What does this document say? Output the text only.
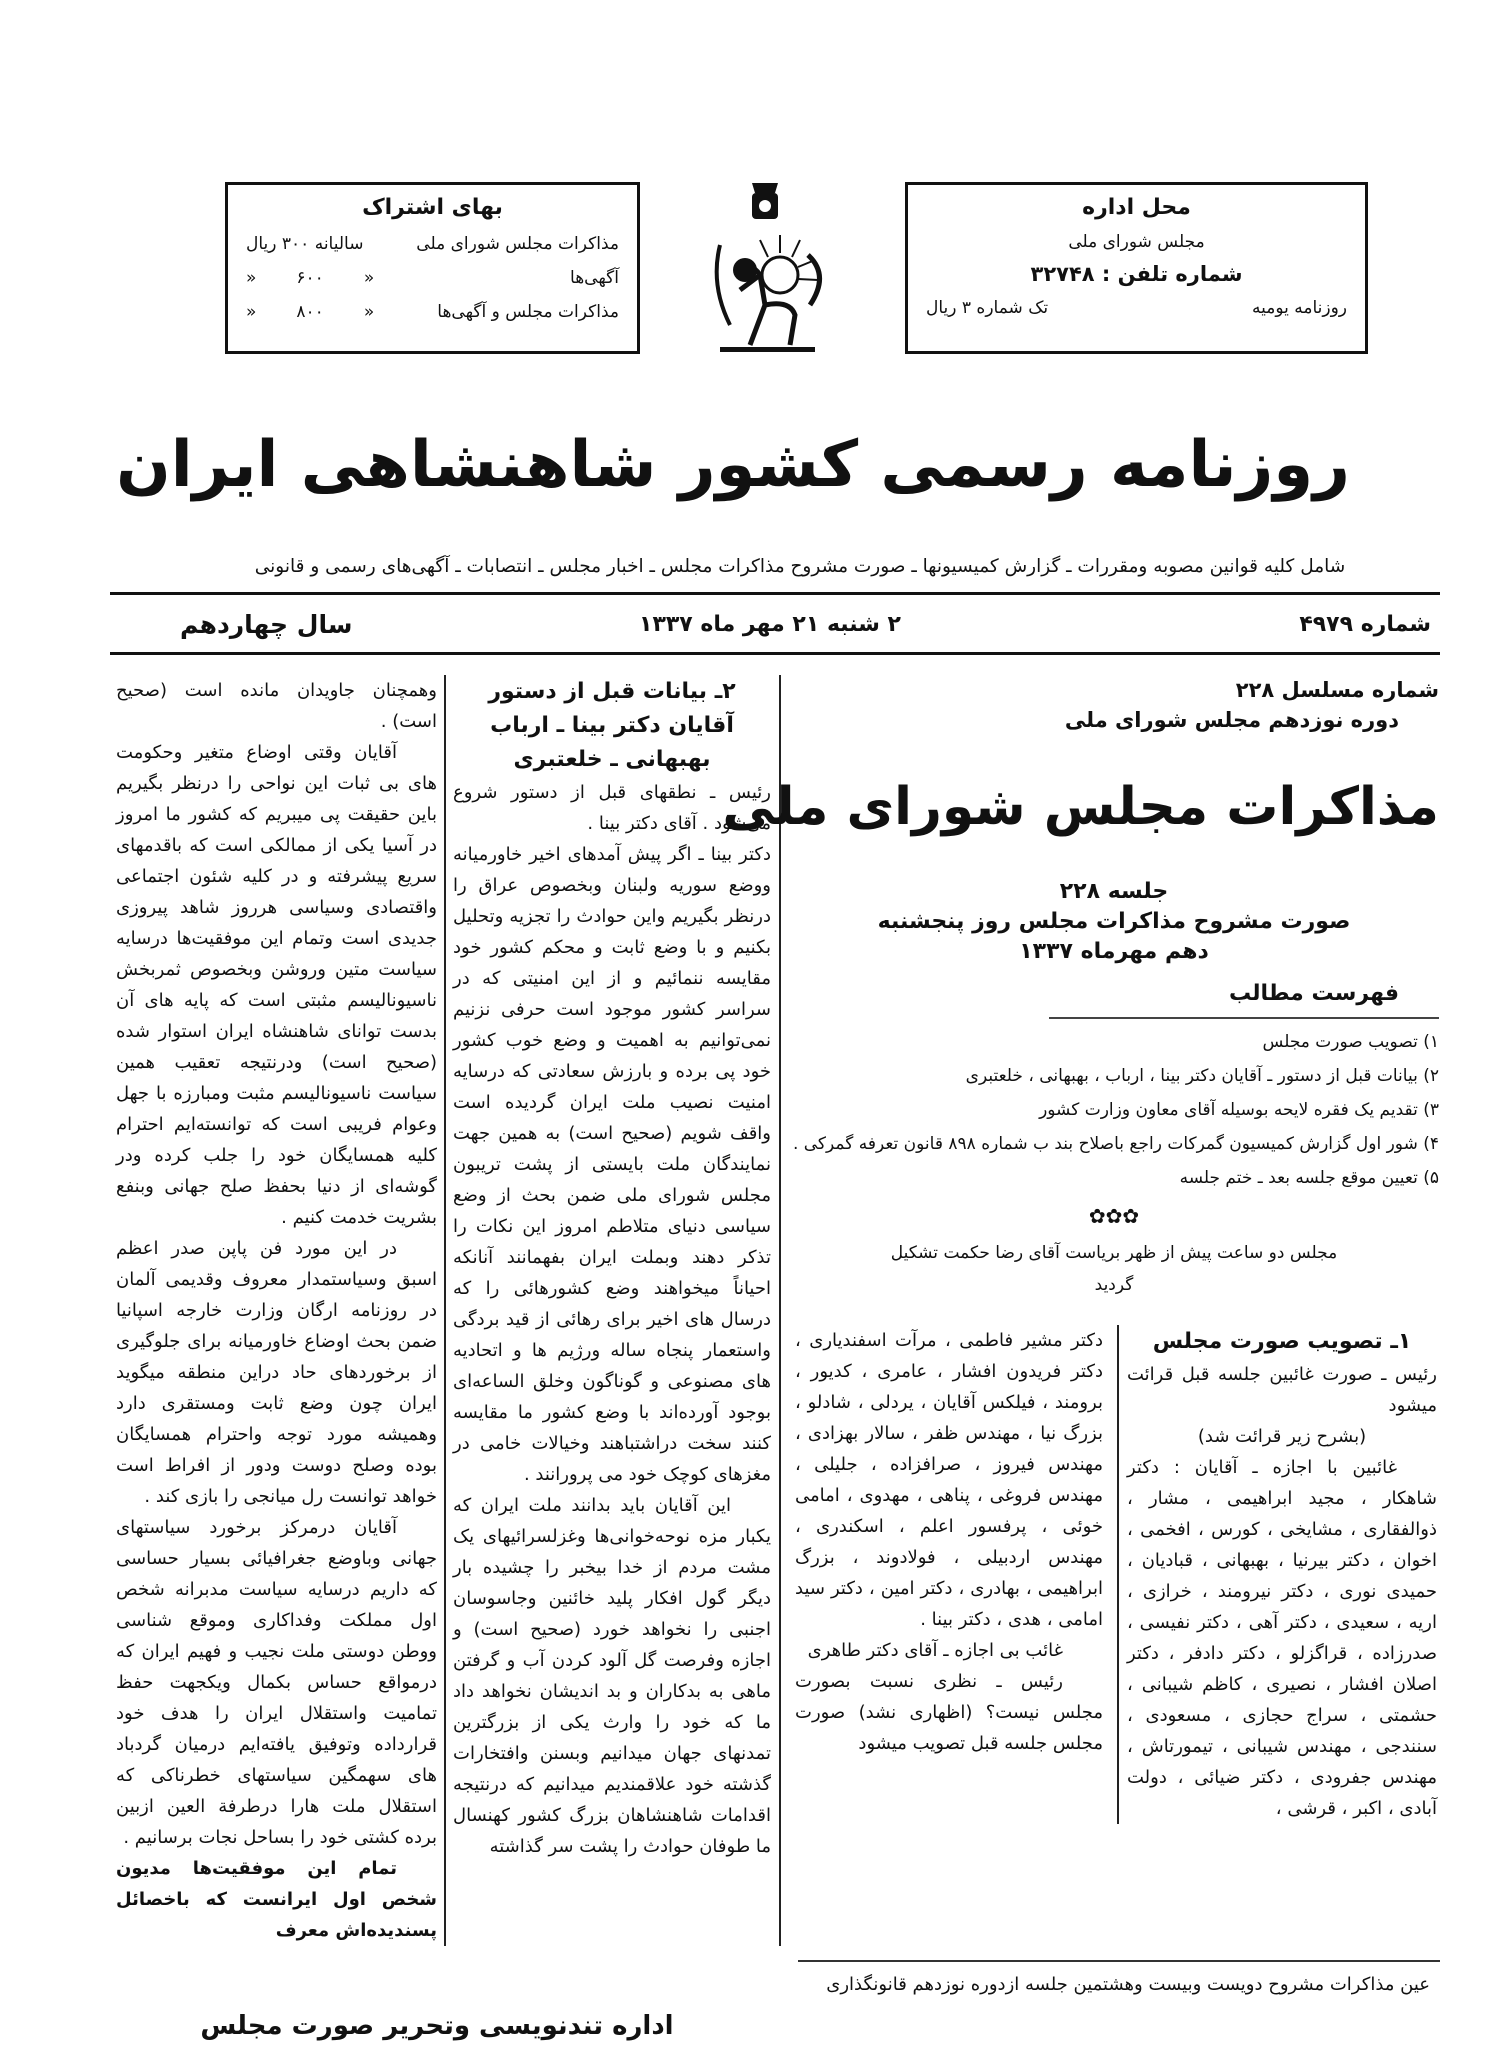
بهای اشتراک
مذاکرات مجلس شورای ملی
سالیانه ۳۰۰ ریال
آگهی‌ها
«
۶۰۰
«
مذاکرات مجلس و آگهی‌ها
«
۸۰۰
«
محل اداره
مجلس شورای ملی
شماره تلفن : ۳۲۷۴۸
روزنامه یومیه
تک شماره ۳ ریال
روزنامه رسمی کشور شاهنشاهی ایران
شامل کلیه قوانین مصوبه ومقررات ـ گزارش کمیسیونها ـ صورت مشروح مذاکرات مجلس ـ اخبار مجلس ـ انتصابات ـ آگهی‌های رسمی و قانونی
شماره ۴۹۷۹
۲ شنبه ۲۱ مهر ماه ۱۳۳۷
سال چهاردهم

وهمچنان جاویدان مانده است (صحیح است) .

آقایان وقتی اوضاع متغیر وحکومت های بی ثبات این نواحی را درنظر بگیریم باین حقیقت پی میبریم که کشور ما امروز در آسیا یکی از ممالکی است که باقدمهای سریع پیشرفته و در کلیه شئون اجتماعی واقتصادی وسیاسی هرروز شاهد پیروزی جدیدی است وتمام این موفقیت‌ها درسایه سیاست متین وروشن وبخصوص ثمربخش ناسیونالیسم مثبتی است که پایه های آن بدست توانای شاهنشاه ایران استوار شده (صحیح است) ودرنتیجه تعقیب همین سیاست ناسیونالیسم مثبت ومبارزه با جهل وعوام فریبی است که توانسته‌ایم احترام کلیه همسایگان خود را جلب کرده ودر گوشه‌ای از دنیا بحفظ صلح جهانی وبنفع بشریت خدمت کنیم .

در این مورد فن پاپن صدر اعظم اسبق وسیاستمدار معروف وقدیمی آلمان در روزنامه ارگان وزارت خارجه اسپانیا ضمن بحث اوضاع خاورمیانه برای جلوگیری از برخوردهای حاد دراین منطقه میگوید ایران چون وضع ثابت ومستقری دارد وهمیشه مورد توجه واحترام همسایگان بوده وصلح دوست ودور از افراط است خواهد توانست رل میانجی را بازی کند .

آقایان درمرکز برخورد سیاستهای جهانی وباوضع جغرافیائی بسیار حساسی که داریم درسایه سیاست مدبرانه شخص اول مملکت وفداکاری وموقع شناسی ووطن دوستی ملت نجیب و فهیم ایران که درمواقع حساس بکمال ویکجهت حفظ تمامیت واستقلال ایران را هدف خود قرارداده وتوفیق یافته‌ایم درمیان گردباد های سهمگین سیاستهای خطرناکی که استقلال ملت هارا درطرفة العین ازبین برده کشتی خود را بساحل نجات برسانیم .

تمام این موفقیت‌ها مدیون شخص اول ایرانست که باخصائل پسندیده‌اش معرف

۲ـ بیانات قبل از دستور آقایان دکتر بینا ـ ارباب بهبهانی ـ خلعتبری

رئیس ـ نطقهای قبل از دستور شروع می‌شود . آقای دکتر بینا .

دکتر بینا ـ اگر پیش آمدهای اخیر خاورمیانه ووضع سوریه ولبنان وبخصوص عراق را درنظر بگیریم واین حوادث را تجزیه وتحلیل بکنیم و با وضع ثابت و محکم کشور خود مقایسه ننمائیم و از این امنیتی که در سراسر کشور موجود است حرفی نزنیم نمی‌توانیم به اهمیت و وضع خوب کشور خود پی برده و بارزش سعادتی که درسایه امنیت نصیب ملت ایران گردیده است واقف شویم (صحیح است) به همین جهت نمایندگان ملت بایستی از پشت تریبون مجلس شورای ملی ضمن بحث از وضع سیاسی دنیای متلاطم امروز این نکات را تذکر دهند وبملت ایران بفهمانند آنانکه احیاناً میخواهند وضع کشورهائی را که درسال های اخیر برای رهائی از قید بردگی واستعمار پنجاه ساله ورژیم ها و اتحادیه های مصنوعی و گوناگون وخلق الساعه‌ای بوجود آورده‌اند با وضع کشور ما مقایسه کنند سخت دراشتباهند وخیالات خامی در مغزهای کوچک خود می پرورانند .

این آقایان باید بدانند ملت ایران که یکبار مزه نوحه‌خوانی‌ها وغزلسرائیهای یک مشت مردم از خدا بیخبر را چشیده بار دیگر گول افکار پلید خائنین وجاسوسان اجنبی را نخواهد خورد (صحیح است) و اجازه وفرصت گل آلود کردن آب و گرفتن ماهی به بدکاران و بد اندیشان نخواهد داد ما که خود را وارث یکی از بزرگترین تمدنهای جهان میدانیم وبسنن وافتخارات گذشته خود علاقمندیم میدانیم که درنتیجه اقدامات شاهنشاهان بزرگ کشور کهنسال ما طوفان حوادث را پشت سر گذاشته

شماره مسلسل ۲۲۸
دوره نوزدهم مجلس شورای ملی
مذاکرات مجلس شورای ملی
جلسه ۲۲۸
صورت مشروح مذاکرات مجلس روز پنجشنبه
دهم مهرماه ۱۳۳۷
فهرست مطالب
۱) تصویب صورت مجلس
۲) بیانات قبل از دستور ـ آقایان دکتر بینا ، ارباب ، بهبهانی ، خلعتبری
۳) تقدیم یک فقره لایحه بوسیله آقای معاون وزارت کشور
۴) شور اول گزارش کمیسیون گمرکات راجع باصلاح بند ب شماره ۸۹۸ قانون تعرفه گمرکی .
۵) تعیین موقع جلسه بعد ـ ختم جلسه
✿✿✿
مجلس دو ساعت پیش از ظهر بریاست آقای رضا حکمت تشکیل گردید

دکتر مشیر فاطمی ، مرآت اسفندیاری ، دکتر فریدون افشار ، عامری ، کدیور ، برومند ، فیلکس آقایان ، یردلی ، شادلو ، بزرگ نیا ، مهندس ظفر ، سالار بهزادی ، مهندس فیروز ، صرافزاده ، جلیلی ، مهندس فروغی ، پناهی ، مهدوی ، امامی خوئی ، پرفسور اعلم ، اسکندری ، مهندس اردبیلی ، فولادوند ، بزرگ ابراهیمی ، بهادری ، دکتر امین ، دکتر سید امامی ، هدی ، دکتر بینا .

غائب بی اجازه ـ آقای دکتر طاهری

رئیس ـ نظری نسبت بصورت مجلس نیست؟ (اظهاری نشد) صورت مجلس جلسه قبل تصویب میشود

۱ـ تصویب صورت مجلس

رئیس ـ صورت غائبین جلسه قبل قرائت میشود

(بشرح زیر قرائت شد)

غائبین با اجازه ـ آقایان : دکتر شاهکار ، مجید ابراهیمی ، مشار ، ذوالفقاری ، مشایخی ، کورس ، افخمی ، اخوان ، دکتر بیرنیا ، بهبهانی ، قبادیان ، حمیدی نوری ، دکتر نیرومند ، خرازی ، اریه ، سعیدی ، دکتر آهی ، دکتر نفیسی ، صدرزاده ، قراگزلو ، دکتر دادفر ، دکتر اصلان افشار ، نصیری ، کاظم شیبانی ، حشمتی ، سراج حجازی ، مسعودی ، سنندجی ، مهندس شیبانی ، تیمورتاش ، مهندس جفرودی ، دکتر ضیائی ، دولت آبادی ، اکبر ، قرشی ،

عین مذاکرات مشروح دویست وبیست وهشتمین جلسه ازدوره نوزدهم قانونگذاری
اداره تندنویسی وتحریر صورت مجلس
